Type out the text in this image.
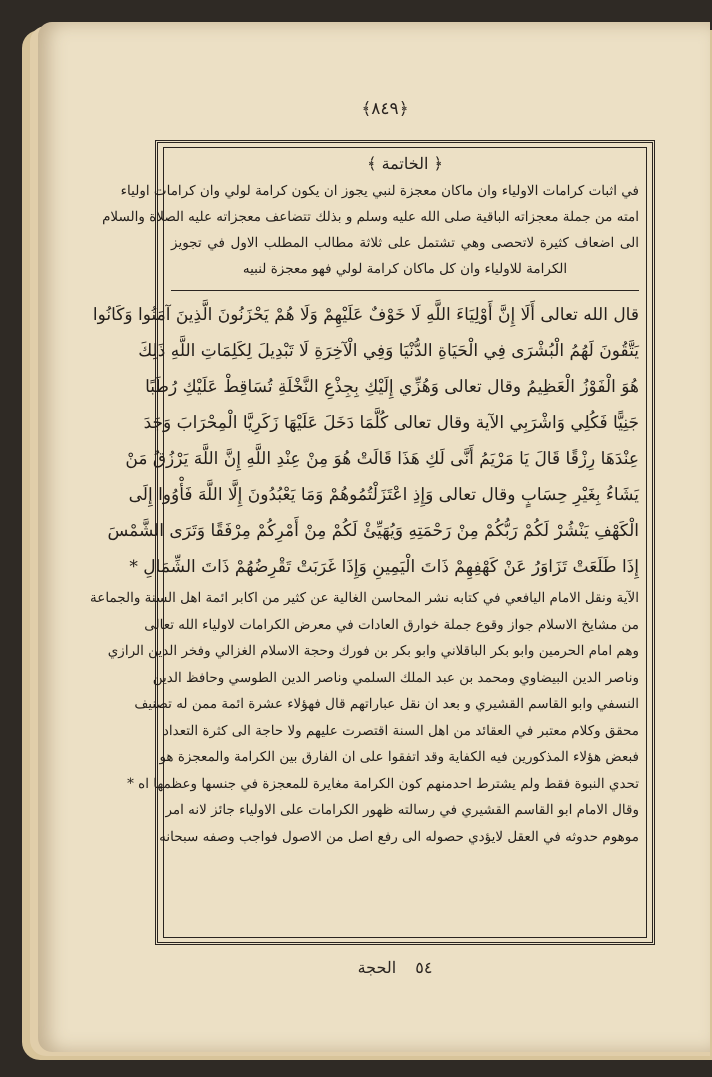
﴿٨٤٩﴾
﴿ الخاتمة ﴾
في اثبات كرامات الاولياء وان ماكان معجزة لنبي يجوز ان يكون كرامة لولي وان كرامات اولياء
امته من جملة معجزاته الباقية صلى الله عليه وسلم و بذلك تتضاعف معجزاته عليه الصلاة والسلام
الى اضعاف كثيرة لاتحصى وهي تشتمل على ثلاثة مطالب المطلب الاول في تجويز
الكرامة للاولياء وان كل ماكان كرامة لولي فهو معجزة لنبيه
قال الله تعالى أَلَا إِنَّ أَوْلِيَاءَ اللَّهِ لَا خَوْفٌ عَلَيْهِمْ وَلَا هُمْ يَحْزَنُونَ الَّذِينَ آمَنُوا وَكَانُوا
يَتَّقُونَ لَهُمُ الْبُشْرَى فِي الْحَيَاةِ الدُّنْيَا وَفِي الْآخِرَةِ لَا تَبْدِيلَ لِكَلِمَاتِ اللَّهِ ذَلِكَ
هُوَ الْفَوْزُ الْعَظِيمُ وقال تعالى وَهُزِّي إِلَيْكِ بِجِذْعِ النَّخْلَةِ تُسَاقِطْ عَلَيْكِ رُطَبًا
جَنِيًّا فَكُلِي وَاشْرَبِي الآية وقال تعالى كُلَّمَا دَخَلَ عَلَيْهَا زَكَرِيَّا الْمِحْرَابَ وَجَدَ
عِنْدَهَا رِزْقًا قَالَ يَا مَرْيَمُ أَنَّى لَكِ هَذَا قَالَتْ هُوَ مِنْ عِنْدِ اللَّهِ إِنَّ اللَّهَ يَرْزُقُ مَنْ
يَشَاءُ بِغَيْرِ حِسَابٍ وقال تعالى وَإِذِ اعْتَزَلْتُمُوهُمْ وَمَا يَعْبُدُونَ إِلَّا اللَّهَ فَأْوُوا إِلَى
الْكَهْفِ يَنْشُرْ لَكُمْ رَبُّكُمْ مِنْ رَحْمَتِهِ وَيُهَيِّئْ لَكُمْ مِنْ أَمْرِكُمْ مِرْفَقًا وَتَرَى الشَّمْسَ
إِذَا طَلَعَتْ تَزَاوَرُ عَنْ كَهْفِهِمْ ذَاتَ الْيَمِينِ وَإِذَا غَرَبَتْ تَقْرِضُهُمْ ذَاتَ الشِّمَالِ *
الآية ونقل الامام اليافعي في كتابه نشر المحاسن الغالية عن كثير من اكابر ائمة اهل السنة والجماعة
من مشايخ الاسلام جواز وقوع جملة خوارق العادات في معرض الكرامات لاولياء الله تعالى
وهم امام الحرمين وابو بكر الباقلاني وابو بكر بن فورك وحجة الاسلام الغزالي وفخر الدين الرازي
وناصر الدين البيضاوي ومحمد بن عبد الملك السلمي وناصر الدين الطوسي وحافظ الدين
النسفي وابو القاسم القشيري و بعد ان نقل عباراتهم قال فهؤلاء عشرة ائمة ممن له تصنيف
محقق وكلام معتبر في العقائد من اهل السنة اقتصرت عليهم ولا حاجة الى كثرة التعداد
فبعض هؤلاء المذكورين فيه الكفاية وقد اتفقوا على ان الفارق بين الكرامة والمعجزة هو
تحدي النبوة فقط ولم يشترط احدمنهم كون الكرامة مغايرة للمعجزة في جنسها وعظمها اه *
وقال الامام ابو القاسم القشيري في رسالته ظهور الكرامات على الاولياء جائز لانه امر
موهوم حدوثه في العقل لايؤدي حصوله الى رفع اصل من الاصول فواجب وصفه سبحانه
٥٤ الحجة
